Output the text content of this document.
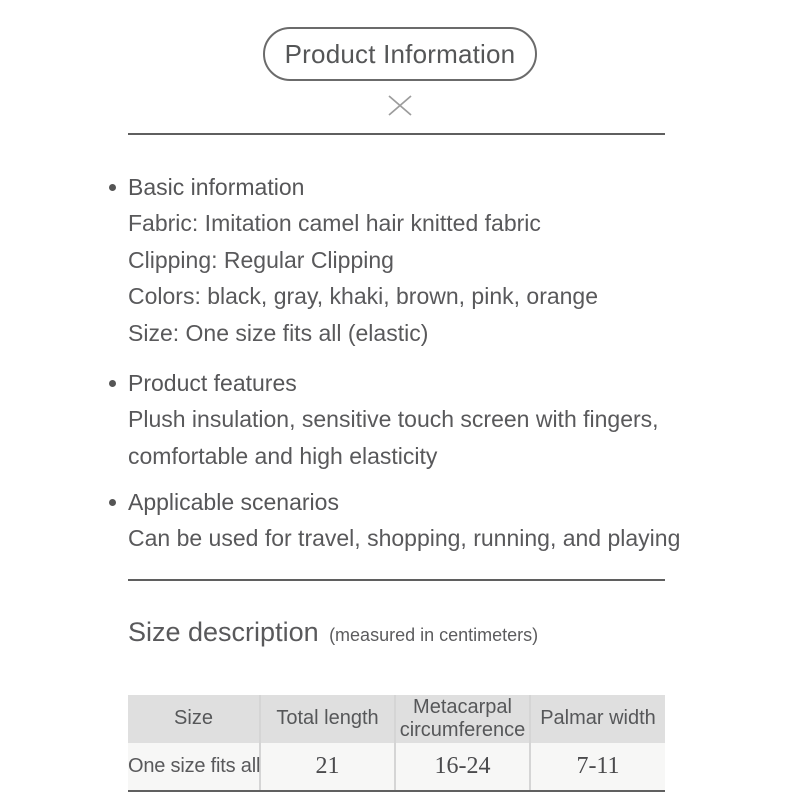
Product Information
Basic information
Fabric: Imitation camel hair knitted fabric
Clipping: Regular Clipping
Colors: black, gray, khaki, brown, pink, orange
Size: One size fits all (elastic)
Product features
Plush insulation, sensitive touch screen with fingers,
comfortable and high elasticity
Applicable scenarios
Can be used for travel, shopping, running, and playing
Size description (measured in centimeters)
Size	Total length	Metacarpal circumference	Palmar width
One size fits all	21	16-24	7-11
